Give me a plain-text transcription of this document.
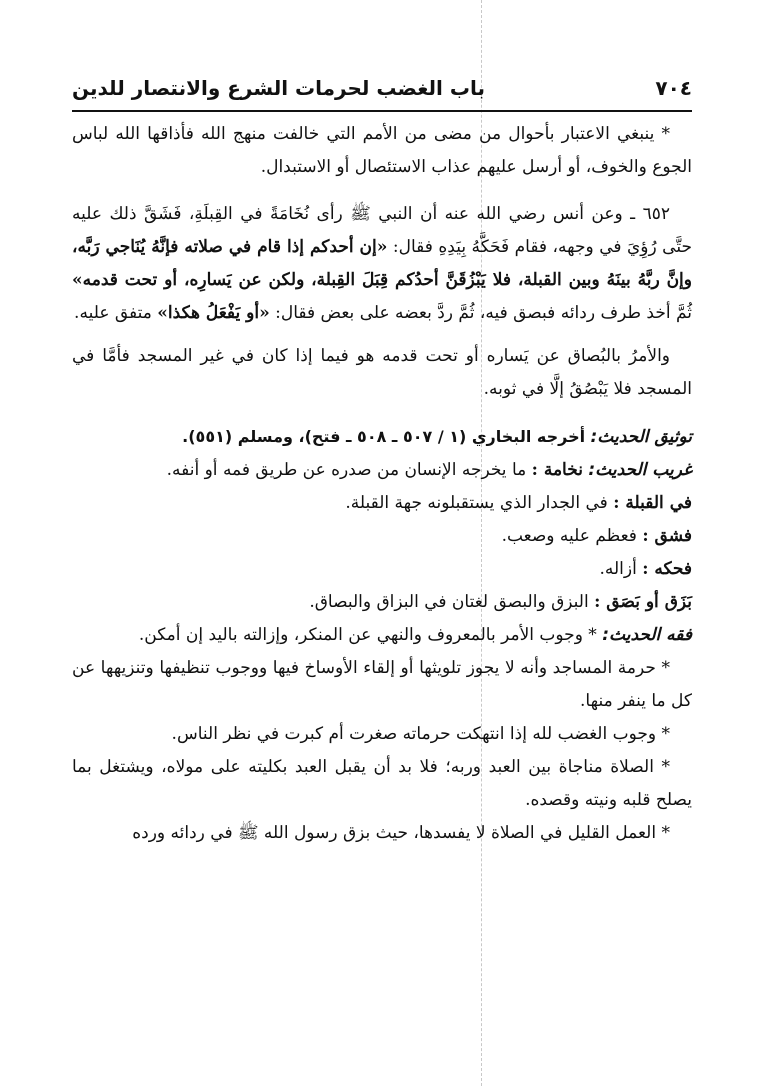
٧٠٤
باب الغضب لحرمات الشرع والانتصار للدين

* ينبغي الاعتبار بأحوال من مضى من الأمم التي خالفت منهج الله فأذاقها الله لباس الجوع والخوف، أو أرسل عليهم عذاب الاستئصال أو الاستبدال.

٦٥٢ ـ وعن أنس رضي الله عنه أن النبي ﷺ رأى نُخَامَةً في القِبلَةِ، فَشَقَّ ذلك عليه حتَّى رُؤِيَ في وجهه، فقام فَحَكَّهُ بِيَدِهِ فقال: «إن أحدكم إذا قام في صلاته فإنَّهُ يُنَاجي رَبَّه، وإنَّ ربَّهُ بينَهُ وبين القبلة، فلا يَبْزُقَنَّ أحدُكم قِبَلَ القِبلة، ولكن عن يَسارِه، أو تحت قدمه» ثُمَّ أخذ طرف ردائه فبصق فيه، ثُمَّ ردَّ بعضه على بعض فقال: «أو يَفْعَلُ هكذا» متفق عليه.

والأمرُ بالبُصاق عن يَساره أو تحت قدمه هو فيما إذا كان في غير المسجد فأمَّا في المسجد فلا يَبْصُقُ إلَّا في ثوبه.

توثيق الحديث: أخرجه البخاري (١ / ٥٠٧ ـ ٥٠٨ ـ فتح)، ومسلم (٥٥١).

غريب الحديث: نخامة : ما يخرجه الإنسان من صدره عن طريق فمه أو أنفه.

في القبلة : في الجدار الذي يستقبلونه جهة القبلة.

فشق : فعظم عليه وصعب.

فحكه : أزاله.

بَزَق أو بَصَق : البزق والبصق لغتان في البزاق والبصاق.

فقه الحديث: * وجوب الأمر بالمعروف والنهي عن المنكر، وإزالته باليد إن أمكن.

* حرمة المساجد وأنه لا يجوز تلويثها أو إلقاء الأوساخ فيها ووجوب تنظيفها وتنزيهها عن كل ما ينفر منها.

* وجوب الغضب لله إذا انتهكت حرماته صغرت أم كبرت في نظر الناس.

* الصلاة مناجاة بين العبد وربه؛ فلا بد أن يقبل العبد بكليته على مولاه، ويشتغل بما يصلح قلبه ونيته وقصده.

* العمل القليل في الصلاة لا يفسدها، حيث بزق رسول الله ﷺ في ردائه ورده
